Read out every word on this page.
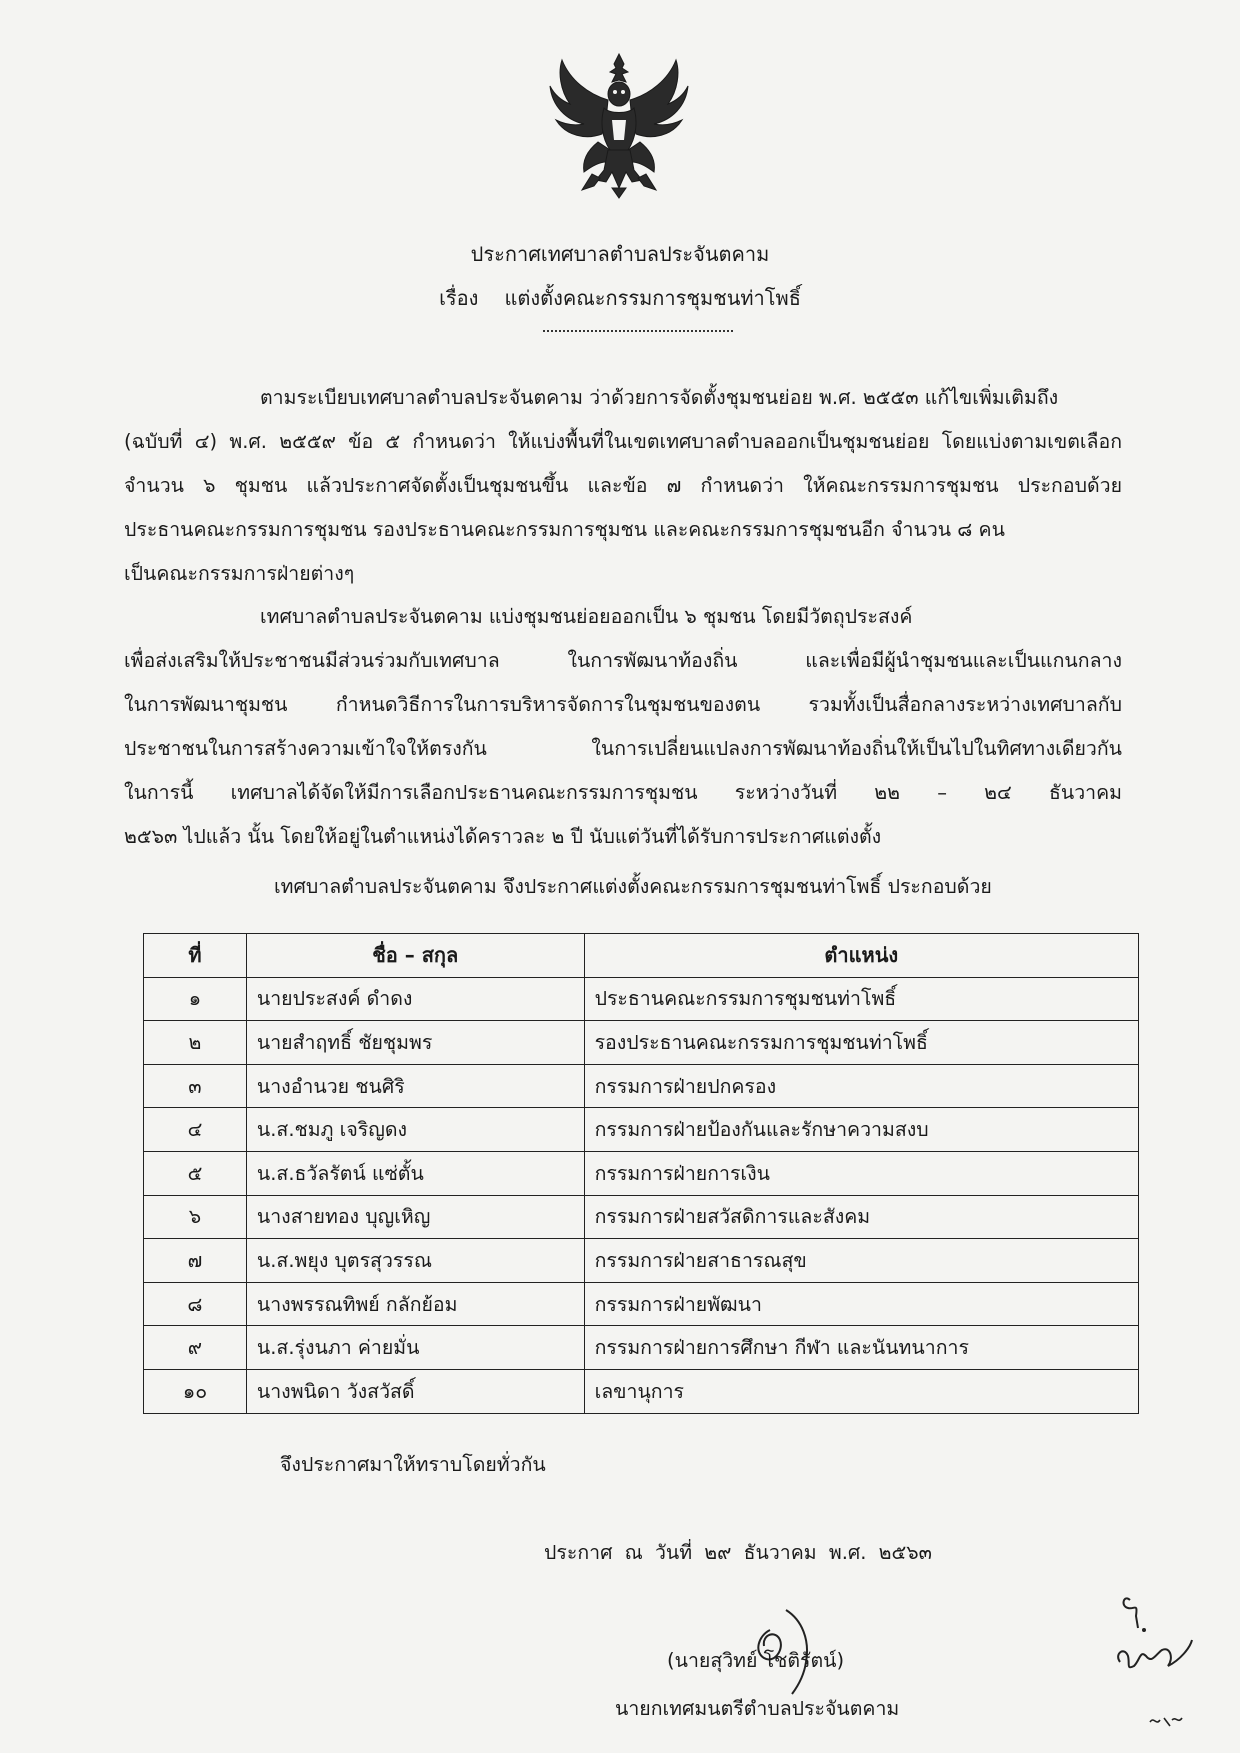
ประกาศเทศบาลตำบลประจันตคาม
เรื่อง แต่งตั้งคณะกรรมการชุมชนท่าโพธิ์
ตามระเบียบเทศบาลตำบลประจันตคาม ว่าด้วยการจัดตั้งชุมชนย่อย พ.ศ. ๒๕๕๓ แก้ไขเพิ่มเติมถึง
(ฉบับที่ ๔) พ.ศ. ๒๕๕๙ ข้อ ๕ กำหนดว่า ให้แบ่งพื้นที่ในเขตเทศบาลตำบลออกเป็นชุมชนย่อย โดยแบ่งตามเขตเลือก
จำนวน ๖ ชุมชน แล้วประกาศจัดตั้งเป็นชุมชนขึ้น และข้อ ๗ กำหนดว่า ให้คณะกรรมการชุมชน ประกอบด้วย
ประธานคณะกรรมการชุมชน รองประธานคณะกรรมการชุมชน และคณะกรรมการชุมชนอีก จำนวน ๘ คน
เป็นคณะกรรมการฝ่ายต่างๆ
เทศบาลตำบลประจันตคาม แบ่งชุมชนย่อยออกเป็น ๖ ชุมชน โดยมีวัตถุประสงค์
เพื่อส่งเสริมให้ประชาชนมีส่วนร่วมกับเทศบาล ในการพัฒนาท้องถิ่น และเพื่อมีผู้นำชุมชนและเป็นแกนกลาง
ในการพัฒนาชุมชน กำหนดวิธีการในการบริหารจัดการในชุมชนของตน รวมทั้งเป็นสื่อกลางระหว่างเทศบาลกับ
ประชาชนในการสร้างความเข้าใจให้ตรงกัน ในการเปลี่ยนแปลงการพัฒนาท้องถิ่นให้เป็นไปในทิศทางเดียวกัน
ในการนี้ เทศบาลได้จัดให้มีการเลือกประธานคณะกรรมการชุมชน ระหว่างวันที่ ๒๒ – ๒๔ ธันวาคม
๒๕๖๓ ไปแล้ว นั้น โดยให้อยู่ในตำแหน่งได้คราวละ ๒ ปี นับแต่วันที่ได้รับการประกาศแต่งตั้ง
เทศบาลตำบลประจันตคาม จึงประกาศแต่งตั้งคณะกรรมการชุมชนท่าโพธิ์ ประกอบด้วย
ที่	ชื่อ – สกุล	ตำแหน่ง
๑	นายประสงค์ ดำดง	ประธานคณะกรรมการชุมชนท่าโพธิ์
๒	นายสำฤทธิ์ ชัยชุมพร	รองประธานคณะกรรมการชุมชนท่าโพธิ์
๓	นางอำนวย ชนศิริ	กรรมการฝ่ายปกครอง
๔	น.ส.ชมภู เจริญดง	กรรมการฝ่ายป้องกันและรักษาความสงบ
๕	น.ส.ธวัลรัตน์ แซ่ตั้น	กรรมการฝ่ายการเงิน
๖	นางสายทอง บุญเหิญ	กรรมการฝ่ายสวัสดิการและสังคม
๗	น.ส.พยุง บุตรสุวรรณ	กรรมการฝ่ายสาธารณสุข
๘	นางพรรณทิพย์ กลักย้อม	กรรมการฝ่ายพัฒนา
๙	น.ส.รุ่งนภา ค่ายมั่น	กรรมการฝ่ายการศึกษา กีฬา และนันทนาการ
๑๐	นางพนิดา วังสวัสดิ์	เลขานุการ
จึงประกาศมาให้ทราบโดยทั่วกัน
ประกาศ ณ วันที่ ๒๙ ธันวาคม พ.ศ. ๒๕๖๓
(นายสุวิทย์ โชติรัตน์)
นายกเทศมนตรีตำบลประจันตคาม
